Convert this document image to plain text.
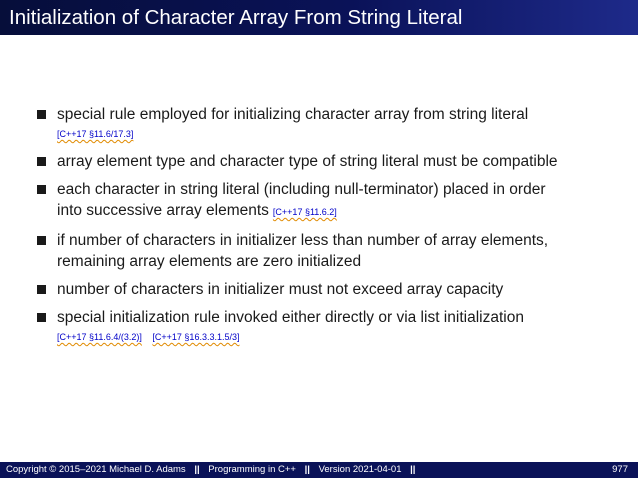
Initialization of Character Array From String Literal
special rule employed for initializing character array from string literal
[C++17 §11.6/17.3]
array element type and character type of string literal must be compatible
each character in string literal (including null-terminator) placed in order
into successive array elements [C++17 §11.6.2]
if number of characters in initializer less than number of array elements,
remaining array elements are zero initialized
number of characters in initializer must not exceed array capacity
special initialization rule invoked either directly or via list initialization
[C++17 §11.6.4/(3.2)] [C++17 §16.3.3.1.5/3]
Copyright © 2015–2021 Michael D. Adams || Programming in C++ || Version 2021-04-01 ||	977
